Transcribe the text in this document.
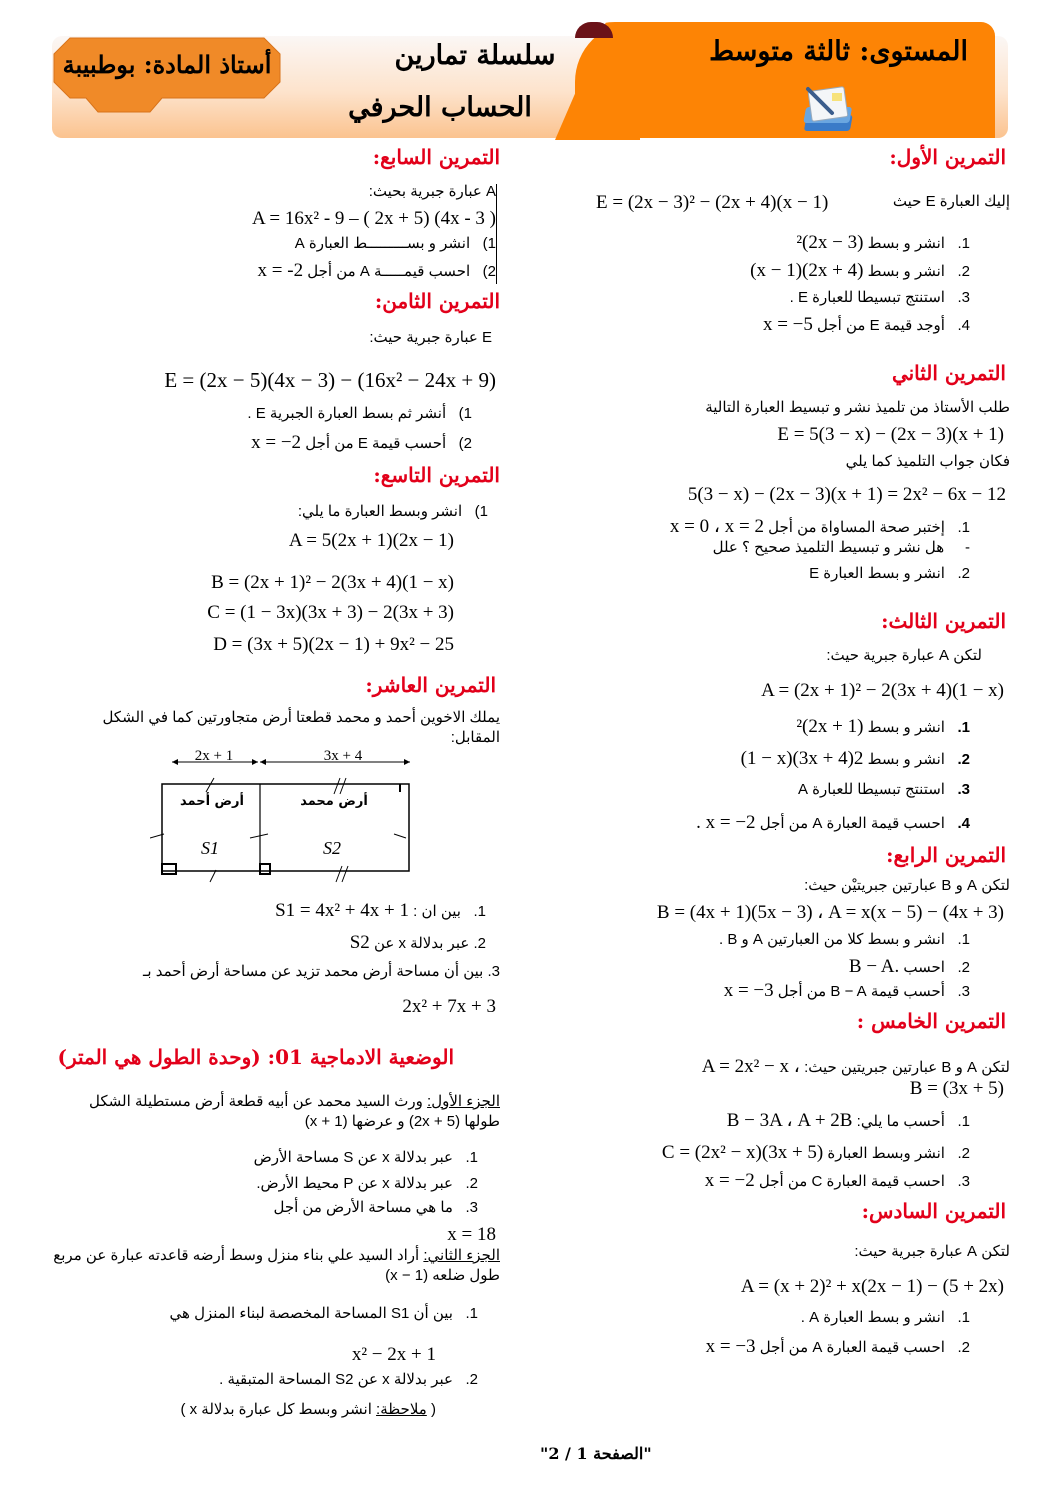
المستوى: ثالثة متوسط
سلسلة تمارين
الحساب الحرفي
أستاذ المادة: بوطبيبة
التمرين الأول:
إليك العبارة E حيث
E = (2x − 3)² − (2x + 4)(x − 1)
1.   انشر و بسط (2x − 3)²
2.   انشر و بسط (2x + 4)(x − 1)
3.   استنتج تبسيطا للعبارة E .
4.   أوجد قيمة E من أجل x = −5
التمرين الثاني
طلب الأستاذ من تلميذ نشر و تبسيط العبارة التالية
E = 5(3 − x) − (2x − 3)(x + 1)
فكان جواب التلميذ كما يلي
5(3 − x) − (2x − 3)(x + 1) = 2x² − 6x − 12
1.   إختبر صحة المساواة من أجل x = 0 ، x = 2
-     هل نشر و تبسيط التلميذ صحيح ؟ علل
2.   انشر و بسط العبارة E
التمرين الثالث:
لتكن A عبارة جبرية حيث:
A = (2x + 1)² − 2(3x + 4)(1 − x)
1.   انشر و بسط (2x + 1)²
2.   انشر و بسط 2(3x + 4)(1 − x)
3.   استنتج تبسيطا للعبارة A
4.   احسب قيمة العبارة A من أجل x = −2 .
التمرين الرابع:
لتكن A و B عبارتين جبريتيْن حيث:
B = (4x + 1)(5x − 3) ، A = x(x − 5) − (4x + 3)
1.   انشر و بسط كلا من العبارتين A و B .
2.   احسب .B − A
3.   أحسب قيمة B − A من أجل x = −3
التمرين الخامس :
لتكن A و B عبارتين جبريتين حيث: ، A = 2x² − x
B = (3x + 5)
1.   أحسب ما يلي: B − 3A ، A + 2B
2.   انشر وبسط العبارة C = (2x² − x)(3x + 5)
3.   احسب قيمة العبارة C من أجل x = −2
التمرين السادس:
لتكن A عبارة جبرية حيث:
A = (x + 2)² + x(2x − 1) − (5 + 2x)
1.   انشر و بسط العبارة A .
2.   احسب قيمة العبارة A من أجل x = −3
التمرين السابع:
A عبارة جبرية بحيث:
A = 16x² - 9 – ( 2x + 5) (4x - 3 )
1)   انشر و بســـــــــط العبارة A
2)   احسب قيمـــــة A من أجل x = -2
التمرين الثامن:
E عبارة جبرية حيث:
E = (2x − 5)(4x − 3) − (16x² − 24x + 9)
1)   أنشر ثم بسط العبارة الجبرية E .
2)   أحسب قيمة E من أجل x = −2
التمرين التاسع:
1)   انشر وبسط العبارة ما يلي:
A = 5(2x + 1)(2x − 1)
B = (2x + 1)² − 2(3x + 4)(1 − x)
C = (1 − 3x)(3x + 3) − 2(3x + 3)
D = (3x + 5)(2x − 1) + 9x² − 25
التمرين العاشر:
يملك الاخوين أحمد و محمد قطعتا أرض متجاورتين كما في الشكل المقابل:
2x + 1	3x + 4
أرض أحمد	أرض محمد
S1	S2
1.   بين ان : S1 = 4x² + 4x + 1
2. عبر بدلالة x عن S2
3. بين أن مساحة أرض محمد تزيد عن مساحة أرض أحمد بـ
2x² + 7x + 3
الوضعية الادماجية 01: (وحدة الطول هي المتر)
الجزء الأول: ورث السيد محمد عن أبيه قطعة أرض مستطيلة الشكل طولها (2x + 5) و عرضها (x + 1)
1.   عبر بدلالة x عن S مساحة الأرض
2.   عبر بدلالة x عن P محيط الأرض.
3.   ما هي مساحة الأرض من أجل
x = 18
الجزء الثاني: أراد السيد علي بناء منزل وسط أرضه قاعدته عبارة عن مربع طول ضلعه (x − 1)
1.   بين أن S1 المساحة المخصصة لبناء المنزل هي
x² − 2x + 1
2.   عبر بدلالة x عن S2 المساحة المتبقية .
( ملاحظة: انشر وبسط كل عبارة بدلالة x )
"الصفحة 1 / 2"
